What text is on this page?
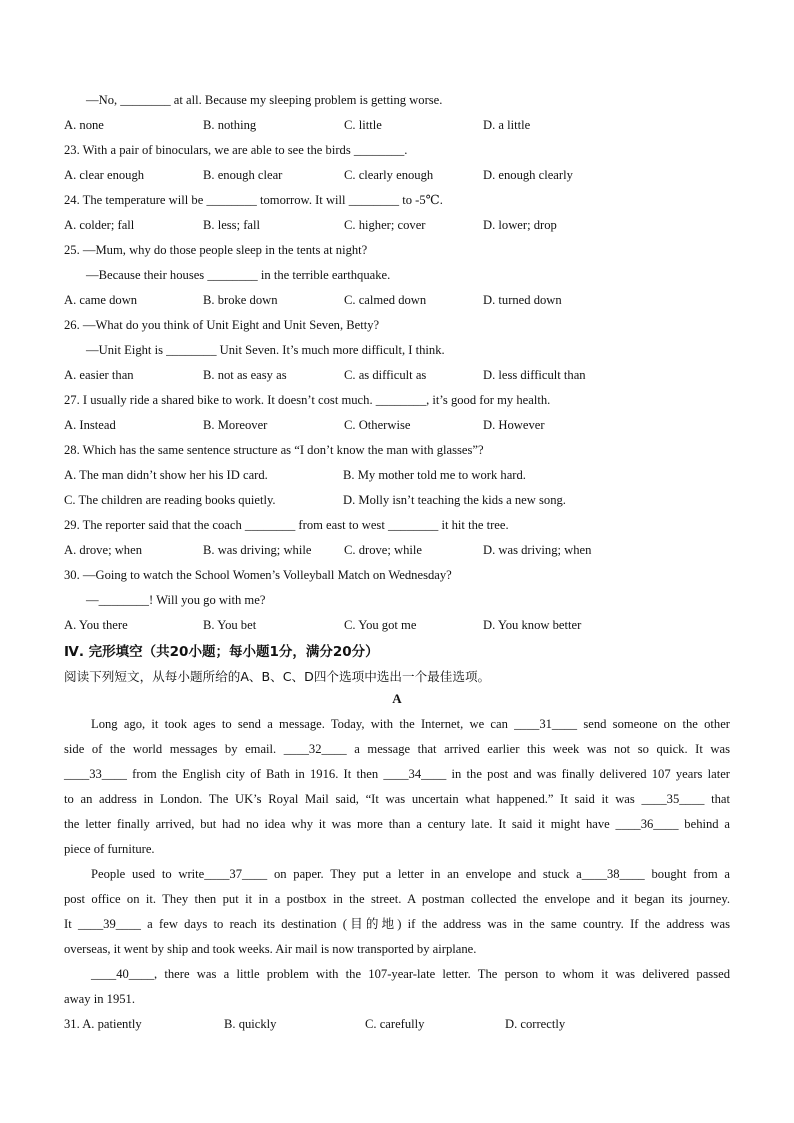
—No, ________ at all. Because my sleeping problem is getting worse.
A. none	B. nothing	C. little	D. a little
23. With a pair of binoculars, we are able to see the birds ________.
A. clear enough	B. enough clear	C. clearly enough	D. enough clearly
24. The temperature will be ________ tomorrow. It will ________ to -5℃.
A. colder; fall	B. less; fall	C. higher; cover	D. lower; drop
25. —Mum, why do those people sleep in the tents at night?
—Because their houses ________ in the terrible earthquake.
A. came down	B. broke down	C. calmed down	D. turned down
26. —What do you think of Unit Eight and Unit Seven, Betty?
—Unit Eight is ________ Unit Seven. It’s much more difficult, I think.
A. easier than	B. not as easy as	C. as difficult as	D. less difficult than
27. I usually ride a shared bike to work. It doesn’t cost much. ________, it’s good for my health.
A. Instead	B. Moreover	C. Otherwise	D. However
28. Which has the same sentence structure as “I don’t know the man with glasses”?
A. The man didn’t show her his ID card.	B. My mother told me to work hard.
C. The children are reading books quietly.	D. Molly isn’t teaching the kids a new song.
29. The reporter said that the coach ________ from east to west ________ it hit the tree.
A. drove; when	B. was driving; while	C. drove; while	D. was driving; when
30. —Going to watch the School Women’s Volleyball Match on Wednesday?
—________! Will you go with me?
A. You there	B. You bet	C. You got me	D. You know better
Ⅳ. 完形填空（共20小题；每小题1分，满分20分）
阅读下列短文，从每小题所给的A、B、C、D四个选项中选出一个最佳选项。
A
Long ago, it took ages to send a message. Today, with the Internet, we can ____31____ send someone on the other
side of the world messages by email. ____32____ a message that arrived earlier this week was not so quick. It was
____33____ from the English city of Bath in 1916. It then ____34____ in the post and was finally delivered 107 years later
to an address in London. The UK’s Royal Mail said, “It was uncertain what happened.” It said it was ____35____ that
the letter finally arrived, but had no idea why it was more than a century late. It said it might have ____36____ behind a
piece of furniture.
People used to write____37____ on paper. They put a letter in an envelope and stuck a____38____ bought from a
post office on it. They then put it in a postbox in the street. A postman collected the envelope and it began its journey.
It ____39____ a few days to reach its destination (目的地) if the address was in the same country. If the address was
overseas, it went by ship and took weeks. Air mail is now transported by airplane.
____40____, there was a little problem with the 107-year-late letter. The person to whom it was delivered passed
away in 1951.
31. A. patiently	B. quickly	C. carefully	D. correctly
